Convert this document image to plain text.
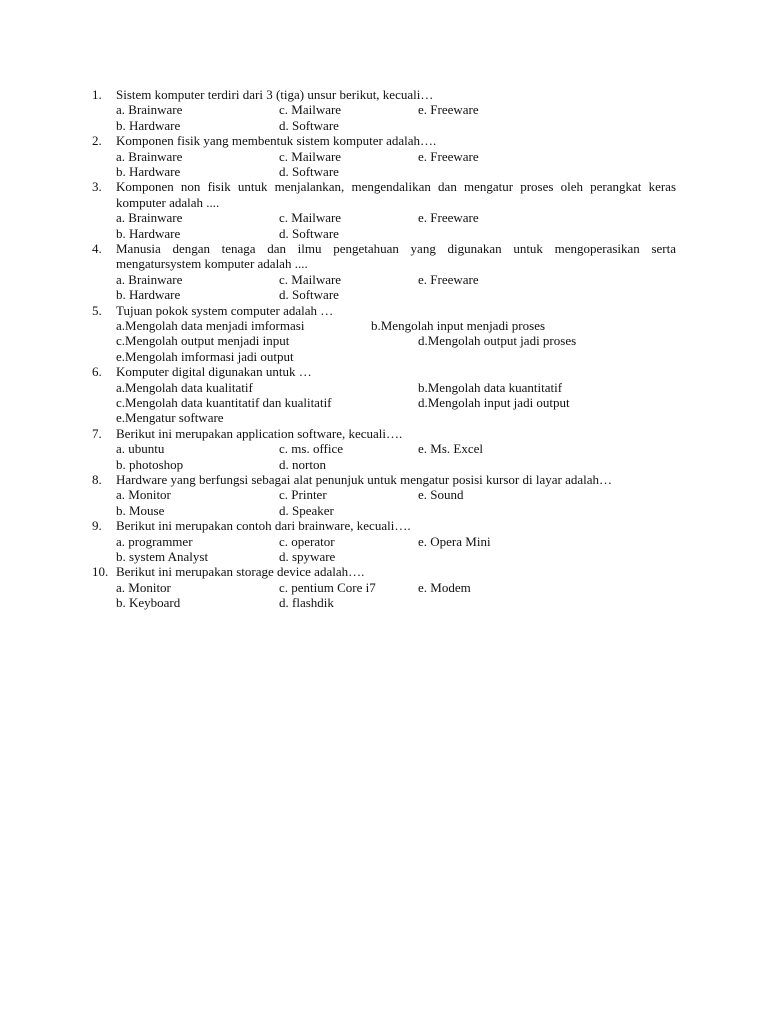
1.	Sistem komputer terdiri dari 3 (tiga) unsur berikut, kecuali…
a. Brainware	c. Mailware	e. Freeware
b. Hardware	d. Software
2.	Komponen fisik yang membentuk sistem komputer adalah….
a. Brainware	c. Mailware	e. Freeware
b. Hardware	d. Software
3.	Komponen non fisik untuk menjalankan, mengendalikan dan mengatur proses oleh perangkat keras komputer adalah ....
a. Brainware	c. Mailware	e. Freeware
b. Hardware	d. Software
4.	Manusia dengan tenaga dan ilmu pengetahuan yang digunakan untuk mengoperasikan serta mengatursystem komputer adalah ....
a. Brainware	c. Mailware	e. Freeware
b. Hardware	d. Software
5.	Tujuan pokok system computer adalah …
a.Mengolah data menjadi imformasi	b.Mengolah input menjadi proses
c.Mengolah output menjadi input	d.Mengolah output jadi proses
e.Mengolah imformasi jadi output
6.	Komputer digital digunakan untuk …
a.Mengolah data kualitatif	b.Mengolah data kuantitatif
c.Mengolah data kuantitatif dan kualitatif	d.Mengolah input jadi output
e.Mengatur software
7.	Berikut ini merupakan application software, kecuali….
a. ubuntu	c. ms. office	e. Ms. Excel
b. photoshop	d. norton
8.	Hardware yang berfungsi sebagai alat penunjuk untuk mengatur posisi kursor di layar adalah…
a. Monitor	c. Printer	e. Sound
b. Mouse	d. Speaker
9.	Berikut ini merupakan contoh dari brainware, kecuali….
a. programmer	c. operator	e. Opera Mini
b. system Analyst	d. spyware
10. Berikut ini merupakan storage device adalah….
a. Monitor	c. pentium Core i7	e. Modem
b. Keyboard	d. flashdik
